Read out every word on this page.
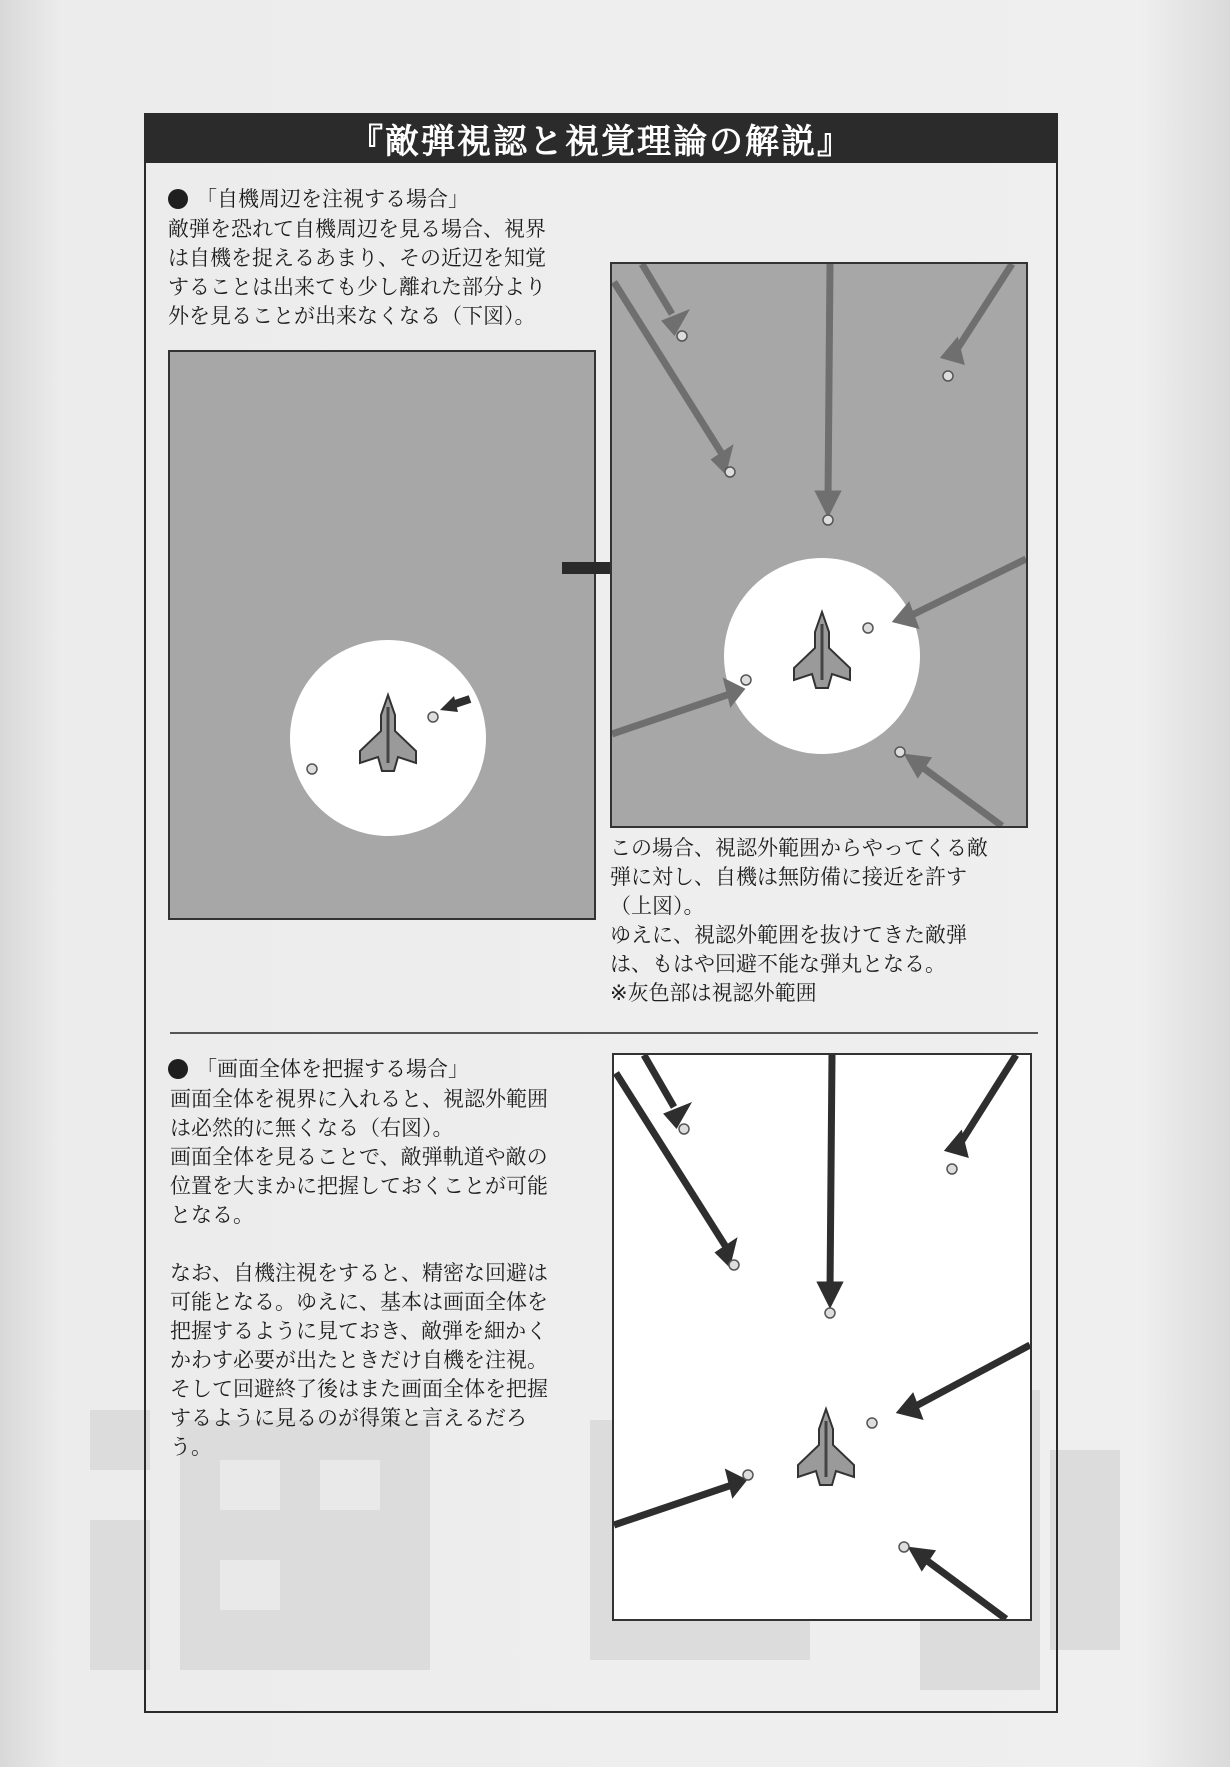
『敵弾視認と視覚理論の解説』
「自機周辺を注視する場合」
敵弾を恐れて自機周辺を見る場合、視界
は自機を捉えるあまり、その近辺を知覚
することは出来ても少し離れた部分より
外を見ることが出来なくなる（下図）。
この場合、視認外範囲からやってくる敵
弾に対し、自機は無防備に接近を許す
（上図）。
ゆえに、視認外範囲を抜けてきた敵弾
は、もはや回避不能な弾丸となる。
※灰色部は視認外範囲
「画面全体を把握する場合」
画面全体を視界に入れると、視認外範囲
は必然的に無くなる（右図）。
画面全体を見ることで、敵弾軌道や敵の
位置を大まかに把握しておくことが可能
となる。
なお、自機注視をすると、精密な回避は
可能となる。ゆえに、基本は画面全体を
把握するように見ておき、敵弾を細かく
かわす必要が出たときだけ自機を注視。
そして回避終了後はまた画面全体を把握
するように見るのが得策と言えるだろ
う。
